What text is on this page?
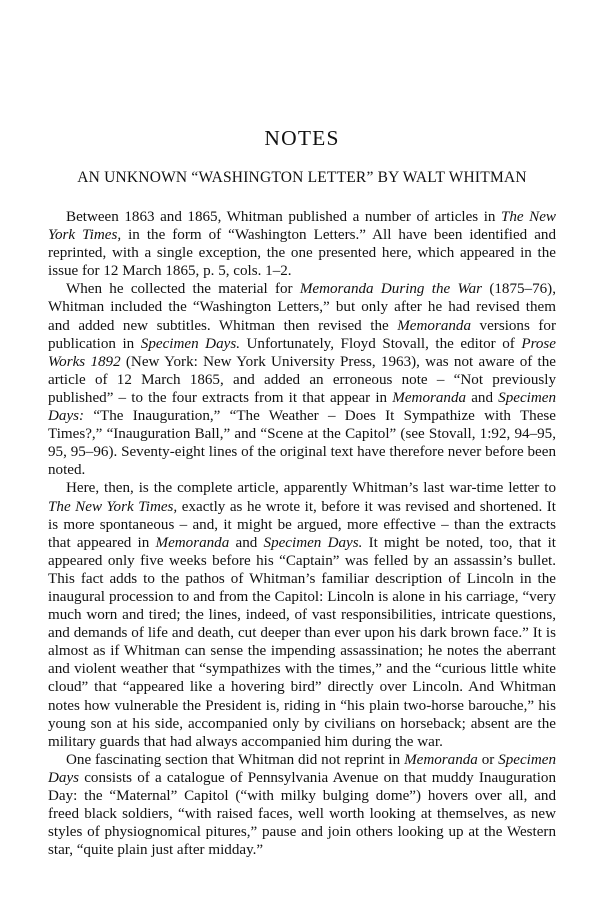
NOTES
AN UNKNOWN “WASHINGTON LETTER” BY WALT WHITMAN

Between 1863 and 1865, Whitman published a number of articles in The New York Times, in the form of “Washington Letters.” All have been identified and reprinted, with a single exception, the one presented here, which appeared in the issue for 12 March 1865, p. 5, cols. 1–2.

When he collected the material for Memoranda During the War (1875–76), Whitman included the “Washington Letters,” but only after he had revised them and added new subtitles. Whitman then revised the Memoranda versions for publication in Specimen Days. Unfortunately, Floyd Stovall, the editor of Prose Works 1892 (New York: New York University Press, 1963), was not aware of the article of 12 March 1865, and added an erroneous note – “Not previously published” – to the four extracts from it that appear in Memoranda and Specimen Days: “The Inauguration,” “The Weather – Does It Sympathize with These Times?,” “Inauguration Ball,” and “Scene at the Capitol” (see Stovall, 1:92, 94–95, 95, 95–96). Seventy-eight lines of the original text have therefore never before been noted.

Here, then, is the complete article, apparently Whitman’s last war-time letter to The New York Times, exactly as he wrote it, before it was revised and shortened. It is more spontaneous – and, it might be argued, more effective – than the extracts that appeared in Memoranda and Specimen Days. It might be noted, too, that it appeared only five weeks before his “Captain” was felled by an assassin’s bullet. This fact adds to the pathos of Whitman’s familiar description of Lincoln in the inaugural procession to and from the Capitol: Lincoln is alone in his carriage, “very much worn and tired; the lines, indeed, of vast responsibilities, intricate questions, and demands of life and death, cut deeper than ever upon his dark brown face.” It is almost as if Whitman can sense the impending assassination; he notes the aberrant and violent weather that “sympathizes with the times,” and the “curious little white cloud” that “appeared like a hovering bird” directly over Lincoln. And Whitman notes how vulnerable the President is, riding in “his plain two-horse barouche,” his young son at his side, accompanied only by civilians on horseback; absent are the military guards that had always accompanied him during the war.

One fascinating section that Whitman did not reprint in Memoranda or Specimen Days consists of a catalogue of Pennsylvania Avenue on that muddy Inauguration Day: the “Maternal” Capitol (“with milky bulging dome”) hovers over all, and freed black soldiers, “with raised faces, well worth looking at themselves, as new styles of physiognomical pitures,” pause and join others looking up at the Western star, “quite plain just after midday.”
